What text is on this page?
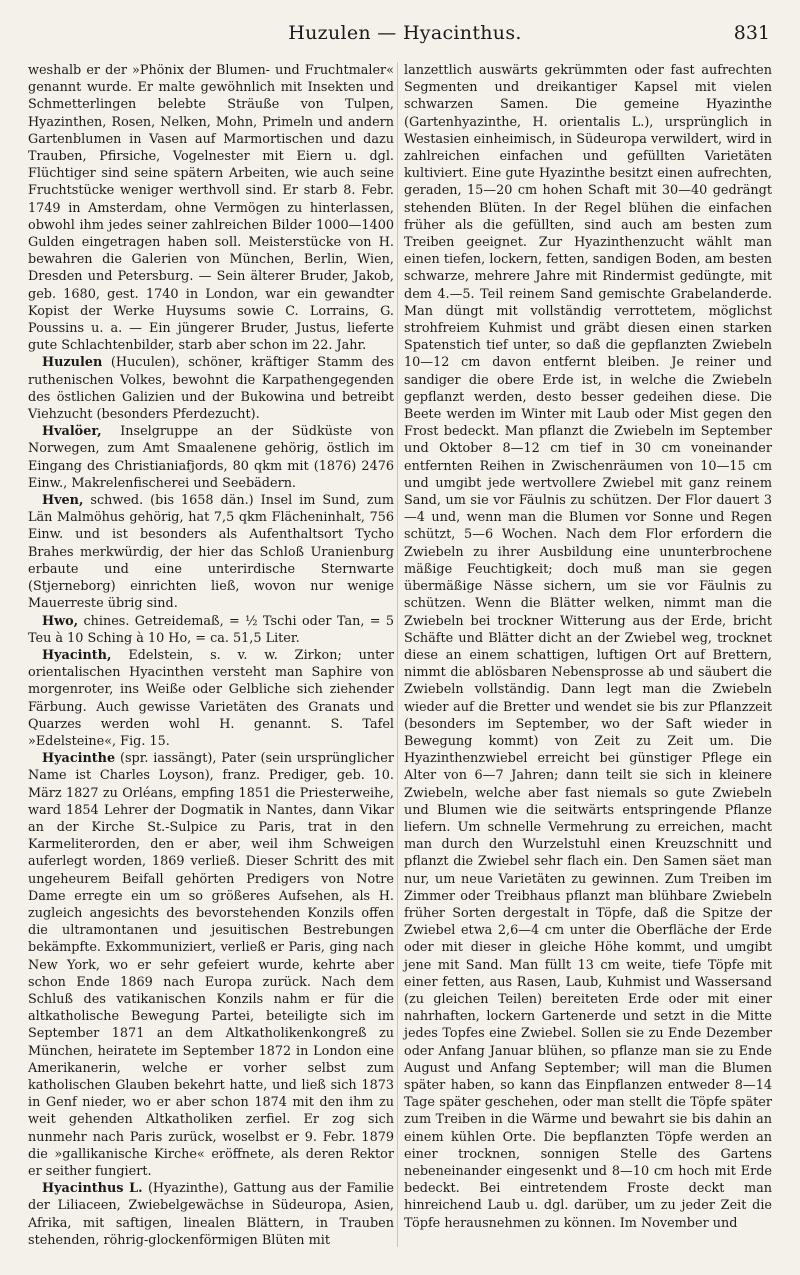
Huzulen — Hyacinthus.	831

weshalb er der »Phönix der Blumen- und Fruchtmaler« genannt wurde. Er malte gewöhnlich mit Insekten und Schmetterlingen belebte Sträuße von Tulpen, Hyazinthen, Rosen, Nelken, Mohn, Primeln und andern Gartenblumen in Vasen auf Marmortischen und dazu Trauben, Pfirsiche, Vogelnester mit Eiern u. dgl. Flüchtiger sind seine spätern Arbeiten, wie auch seine Fruchtstücke weniger werthvoll sind. Er starb 8. Febr. 1749 in Amsterdam, ohne Vermögen zu hinterlassen, obwohl ihm jedes seiner zahlreichen Bilder 1000—1400 Gulden eingetragen haben soll. Meisterstücke von H. bewahren die Galerien von München, Berlin, Wien, Dresden und Petersburg. — Sein älterer Bruder, Jakob, geb. 1680, gest. 1740 in London, war ein gewandter Kopist der Werke Huysums sowie C. Lorrains, G. Poussins u. a. — Ein jüngerer Bruder, Justus, lieferte gute Schlachtenbilder, starb aber schon im 22. Jahr.

Huzulen (Huculen), schöner, kräftiger Stamm des ruthenischen Volkes, bewohnt die Karpathengegenden des östlichen Galizien und der Bukowina und betreibt Viehzucht (besonders Pferdezucht).

Hvalöer, Inselgruppe an der Südküste von Norwegen, zum Amt Smaalenene gehörig, östlich im Eingang des Christianiafjords, 80 qkm mit (1876) 2476 Einw., Makrelenfischerei und Seebädern.

Hven, schwed. (bis 1658 dän.) Insel im Sund, zum Län Malmöhus gehörig, hat 7,5 qkm Flächeninhalt, 756 Einw. und ist besonders als Aufenthaltsort Tycho Brahes merkwürdig, der hier das Schloß Uranienburg erbaute und eine unterirdische Sternwarte (Stjerneborg) einrichten ließ, wovon nur wenige Mauerreste übrig sind.

Hwo, chines. Getreidemaß, = ½ Tschi oder Tan, = 5 Teu à 10 Sching à 10 Ho, = ca. 51,5 Liter.

Hyacinth, Edelstein, s. v. w. Zirkon; unter orientalischen Hyacinthen versteht man Saphire von morgenroter, ins Weiße oder Gelbliche sich ziehender Färbung. Auch gewisse Varietäten des Granats und Quarzes werden wohl H. genannt. S. Tafel »Edelsteine«, Fig. 15.

Hyacinthe (spr. iassängt), Pater (sein ursprünglicher Name ist Charles Loyson), franz. Prediger, geb. 10. März 1827 zu Orléans, empfing 1851 die Priesterweihe, ward 1854 Lehrer der Dogmatik in Nantes, dann Vikar an der Kirche St.-Sulpice zu Paris, trat in den Karmeliterorden, den er aber, weil ihm Schweigen auferlegt worden, 1869 verließ. Dieser Schritt des mit ungeheurem Beifall gehörten Predigers von Notre Dame erregte ein um so größeres Aufsehen, als H. zugleich angesichts des bevorstehenden Konzils offen die ultramontanen und jesuitischen Bestrebungen bekämpfte. Exkommuniziert, verließ er Paris, ging nach New York, wo er sehr gefeiert wurde, kehrte aber schon Ende 1869 nach Europa zurück. Nach dem Schluß des vatikanischen Konzils nahm er für die altkatholische Bewegung Partei, beteiligte sich im September 1871 an dem Altkatholikenkongreß zu München, heiratete im September 1872 in London eine Amerikanerin, welche er vorher selbst zum katholischen Glauben bekehrt hatte, und ließ sich 1873 in Genf nieder, wo er aber schon 1874 mit den ihm zu weit gehenden Altkatholiken zerfiel. Er zog sich nunmehr nach Paris zurück, woselbst er 9. Febr. 1879 die »gallikanische Kirche« eröffnete, als deren Rektor er seither fungiert.

Hyacinthus L. (Hyazinthe), Gattung aus der Familie der Liliaceen, Zwiebelgewächse in Südeuropa, Asien, Afrika, mit saftigen, linealen Blättern, in Trauben stehenden, röhrig-glockenförmigen Blüten mit

lanzettlich auswärts gekrümmten oder fast aufrechten Segmenten und dreikantiger Kapsel mit vielen schwarzen Samen. Die gemeine Hyazinthe (Gartenhyazinthe, H. orientalis L.), ursprünglich in Westasien einheimisch, in Südeuropa verwildert, wird in zahlreichen einfachen und gefüllten Varietäten kultiviert. Eine gute Hyazinthe besitzt einen aufrechten, geraden, 15—20 cm hohen Schaft mit 30—40 gedrängt stehenden Blüten. In der Regel blühen die einfachen früher als die gefüllten, sind auch am besten zum Treiben geeignet. Zur Hyazinthenzucht wählt man einen tiefen, lockern, fetten, sandigen Boden, am besten schwarze, mehrere Jahre mit Rindermist gedüngte, mit dem 4.—5. Teil reinem Sand gemischte Grabelanderde. Man düngt mit vollständig verrottetem, möglichst strohfreiem Kuhmist und gräbt diesen einen starken Spatenstich tief unter, so daß die gepflanzten Zwiebeln 10—12 cm davon entfernt bleiben. Je reiner und sandiger die obere Erde ist, in welche die Zwiebeln gepflanzt werden, desto besser gedeihen diese. Die Beete werden im Winter mit Laub oder Mist gegen den Frost bedeckt. Man pflanzt die Zwiebeln im September und Oktober 8—12 cm tief in 30 cm voneinander entfernten Reihen in Zwischenräumen von 10—15 cm und umgibt jede wertvollere Zwiebel mit ganz reinem Sand, um sie vor Fäulnis zu schützen. Der Flor dauert 3—4 und, wenn man die Blumen vor Sonne und Regen schützt, 5—6 Wochen. Nach dem Flor erfordern die Zwiebeln zu ihrer Ausbildung eine ununterbrochene mäßige Feuchtigkeit; doch muß man sie gegen übermäßige Nässe sichern, um sie vor Fäulnis zu schützen. Wenn die Blätter welken, nimmt man die Zwiebeln bei trockner Witterung aus der Erde, bricht Schäfte und Blätter dicht an der Zwiebel weg, trocknet diese an einem schattigen, luftigen Ort auf Brettern, nimmt die ablösbaren Nebensprosse ab und säubert die Zwiebeln vollständig. Dann legt man die Zwiebeln wieder auf die Bretter und wendet sie bis zur Pflanzzeit (besonders im September, wo der Saft wieder in Bewegung kommt) von Zeit zu Zeit um. Die Hyazinthenzwiebel erreicht bei günstiger Pflege ein Alter von 6—7 Jahren; dann teilt sie sich in kleinere Zwiebeln, welche aber fast niemals so gute Zwiebeln und Blumen wie die seitwärts entspringende Pflanze liefern. Um schnelle Vermehrung zu erreichen, macht man durch den Wurzelstuhl einen Kreuzschnitt und pflanzt die Zwiebel sehr flach ein. Den Samen säet man nur, um neue Varietäten zu gewinnen. Zum Treiben im Zimmer oder Treibhaus pflanzt man blühbare Zwiebeln früher Sorten dergestalt in Töpfe, daß die Spitze der Zwiebel etwa 2,6—4 cm unter die Oberfläche der Erde oder mit dieser in gleiche Höhe kommt, und umgibt jene mit Sand. Man füllt 13 cm weite, tiefe Töpfe mit einer fetten, aus Rasen, Laub, Kuhmist und Wassersand (zu gleichen Teilen) bereiteten Erde oder mit einer nahrhaften, lockern Gartenerde und setzt in die Mitte jedes Topfes eine Zwiebel. Sollen sie zu Ende Dezember oder Anfang Januar blühen, so pflanze man sie zu Ende August und Anfang September; will man die Blumen später haben, so kann das Einpflanzen entweder 8—14 Tage später geschehen, oder man stellt die Töpfe später zum Treiben in die Wärme und bewahrt sie bis dahin an einem kühlen Orte. Die bepflanzten Töpfe werden an einer trocknen, sonnigen Stelle des Gartens nebeneinander eingesenkt und 8—10 cm hoch mit Erde bedeckt. Bei eintretendem Froste deckt man hinreichend Laub u. dgl. darüber, um zu jeder Zeit die Töpfe herausnehmen zu können. Im November und
